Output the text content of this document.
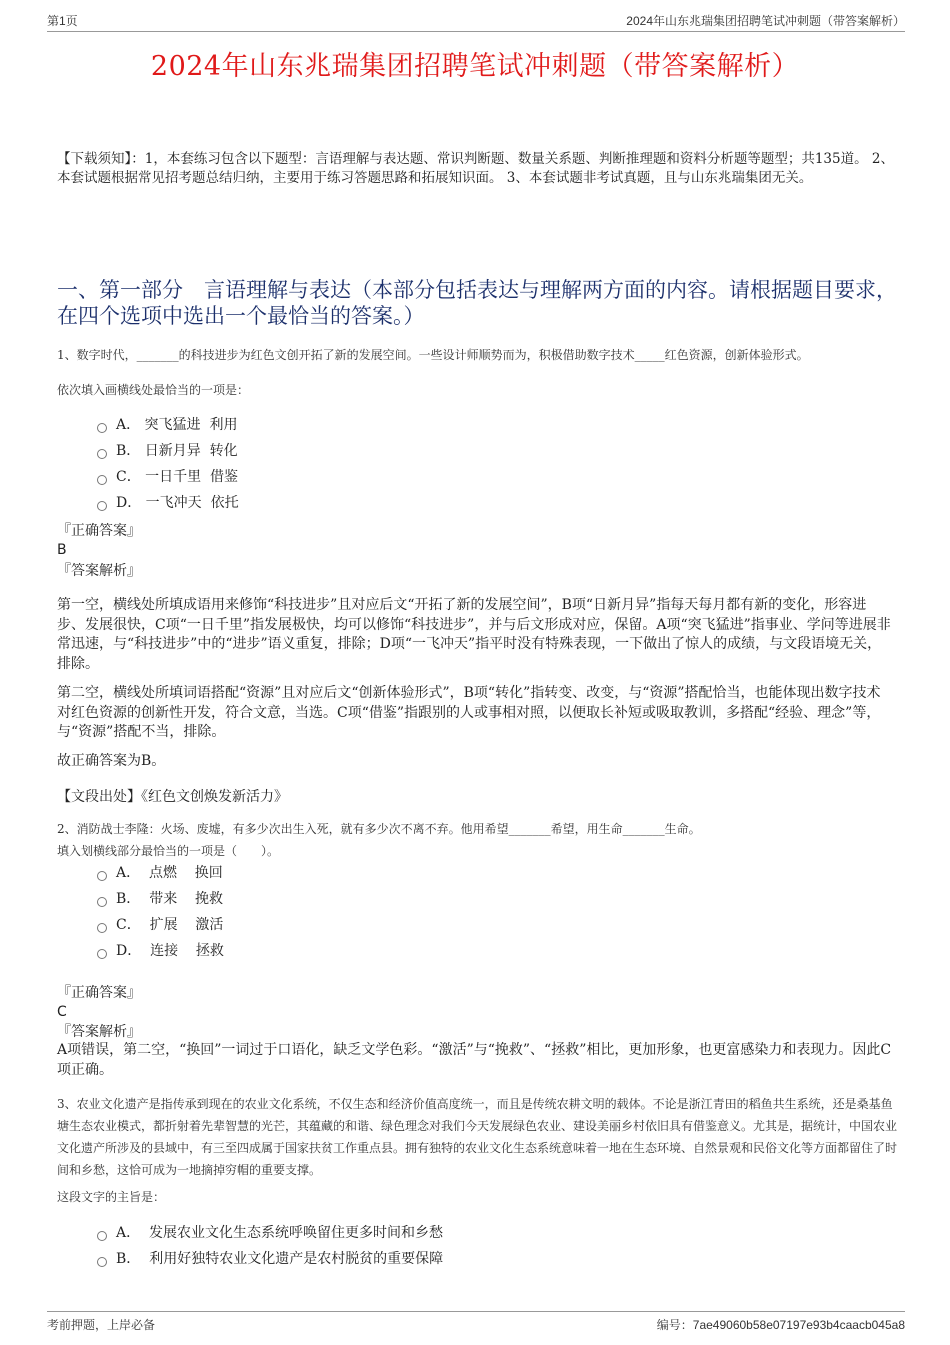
第1页	2024年山东兆瑞集团招聘笔试冲刺题（带答案解析）
2024年山东兆瑞集团招聘笔试冲刺题（带答案解析）
【下载须知】：1，本套练习包含以下题型：言语理解与表达题、常识判断题、数量关系题、判断推理题和资料分析题等题型；共135道。 2、本套试题根据常见招考题总结归纳，主要用于练习答题思路和拓展知识面。 3、本套试题非考试真题，且与山东兆瑞集团无关。
一、第一部分　言语理解与表达（本部分包括表达与理解两方面的内容。请根据题目要求，在四个选项中选出一个最恰当的答案。）
1、数字时代，_______的科技进步为红色文创开拓了新的发展空间。一些设计师顺势而为，积极借助数字技术_____红色资源，创新体验形式。
依次填入画横线处最恰当的一项是：
A． 突飞猛进  利用
B． 日新月异  转化
C． 一日千里  借鉴
D． 一飞冲天  依托
『正确答案』
B
『答案解析』
第一空，横线处所填成语用来修饰“科技进步”且对应后文“开拓了新的发展空间”，B项“日新月异”指每天每月都有新的变化，形容进步、发展很快，C项“一日千里”指发展极快，均可以修饰“科技进步”，并与后文形成对应，保留。A项“突飞猛进”指事业、学问等进展非常迅速，与“科技进步”中的“进步”语义重复，排除；D项“一飞冲天”指平时没有特殊表现，一下做出了惊人的成绩，与文段语境无关，排除。
第二空，横线处所填词语搭配“资源”且对应后文“创新体验形式”，B项“转化”指转变、改变，与“资源”搭配恰当，也能体现出数字技术对红色资源的创新性开发，符合文意，当选。C项“借鉴”指跟别的人或事相对照，以便取长补短或吸取教训，多搭配“经验、理念”等，与“资源”搭配不当，排除。
故正确答案为B。
【文段出处】《红色文创焕发新活力》
2、消防战士李隆：火场、废墟，有多少次出生入死，就有多少次不离不弃。他用希望_______希望，用生命_______生命。
填入划横线部分最恰当的一项是（　　）。
A．  点燃    换回
B．  带来    挽救
C．  扩展    激活
D．  连接    拯救
『正确答案』
C
『答案解析』
A项错误，第二空，“换回”一词过于口语化，缺乏文学色彩。“激活”与“挽救”、“拯救”相比，更加形象，也更富感染力和表现力。因此C项正确。
3、农业文化遗产是指传承到现在的农业文化系统，不仅生态和经济价值高度统一，而且是传统农耕文明的载体。不论是浙江青田的稻鱼共生系统，还是桑基鱼塘生态农业模式，都折射着先辈智慧的光芒，其蕴藏的和谐、绿色理念对我们今天发展绿色农业、建设美丽乡村依旧具有借鉴意义。尤其是，据统计，中国农业文化遗产所涉及的县域中，有三至四成属于国家扶贫工作重点县。拥有独特的农业文化生态系统意味着一地在生态环境、自然景观和民俗文化等方面都留住了时间和乡愁，这恰可成为一地摘掉穷帽的重要支撑。
这段文字的主旨是：
A．  发展农业文化生态系统呼唤留住更多时间和乡愁
B．  利用好独特农业文化遗产是农村脱贫的重要保障
考前押题，上岸必备	编号：7ae49060b58e07197e93b4caacb045a8
